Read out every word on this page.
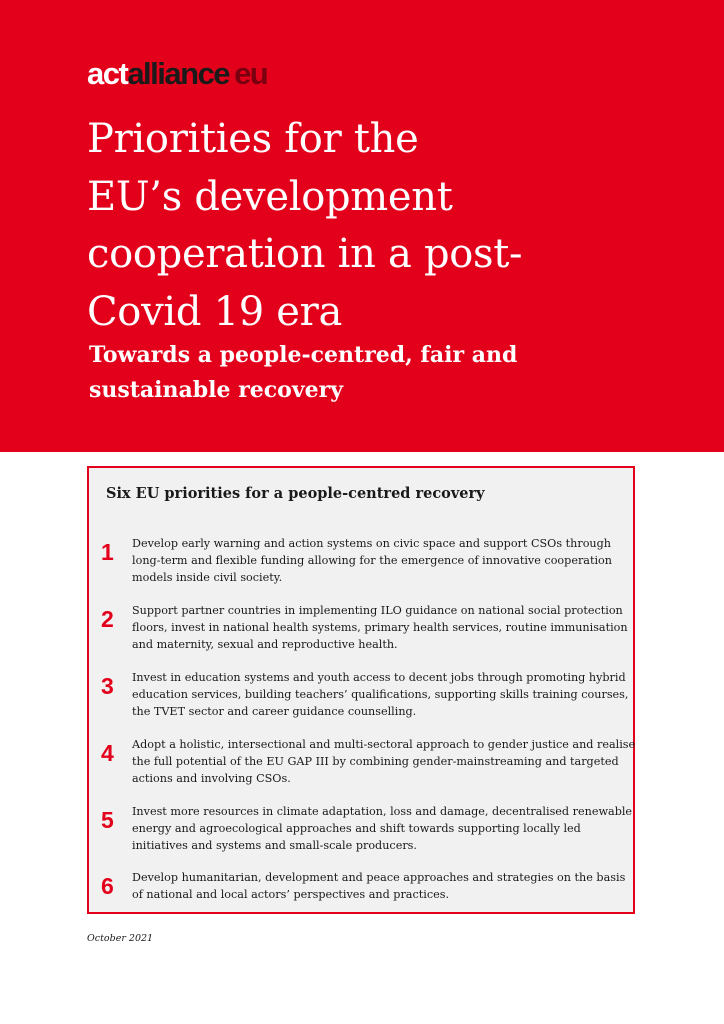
actalliance eu
Priorities for the
EU’s development
cooperation in a post-
Covid 19 era
Towards a people-centred, fair and
sustainable recovery
Six EU priorities for a people-centred recovery
1 Develop early warning and action systems on civic space and support CSOs through
long-term and flexible funding allowing for the emergence of innovative cooperation
models inside civil society.

2 Support partner countries in implementing ILO guidance on national social protection
floors, invest in national health systems, primary health services, routine immunisation
and maternity, sexual and reproductive health.

3 Invest in education systems and youth access to decent jobs through promoting hybrid
education services, building teachers’ qualifications, supporting skills training courses,
the TVET sector and career guidance counselling.

4 Adopt a holistic, intersectional and multi-sectoral approach to gender justice and realise
the full potential of the EU GAP III by combining gender-mainstreaming and targeted
actions and involving CSOs.

5 Invest more resources in climate adaptation, loss and damage, decentralised renewable
energy and agroecological approaches and shift towards supporting locally led
initiatives and systems and small-scale producers.

6 Develop humanitarian, development and peace approaches and strategies on the basis
of national and local actors’ perspectives and practices.

October 2021
